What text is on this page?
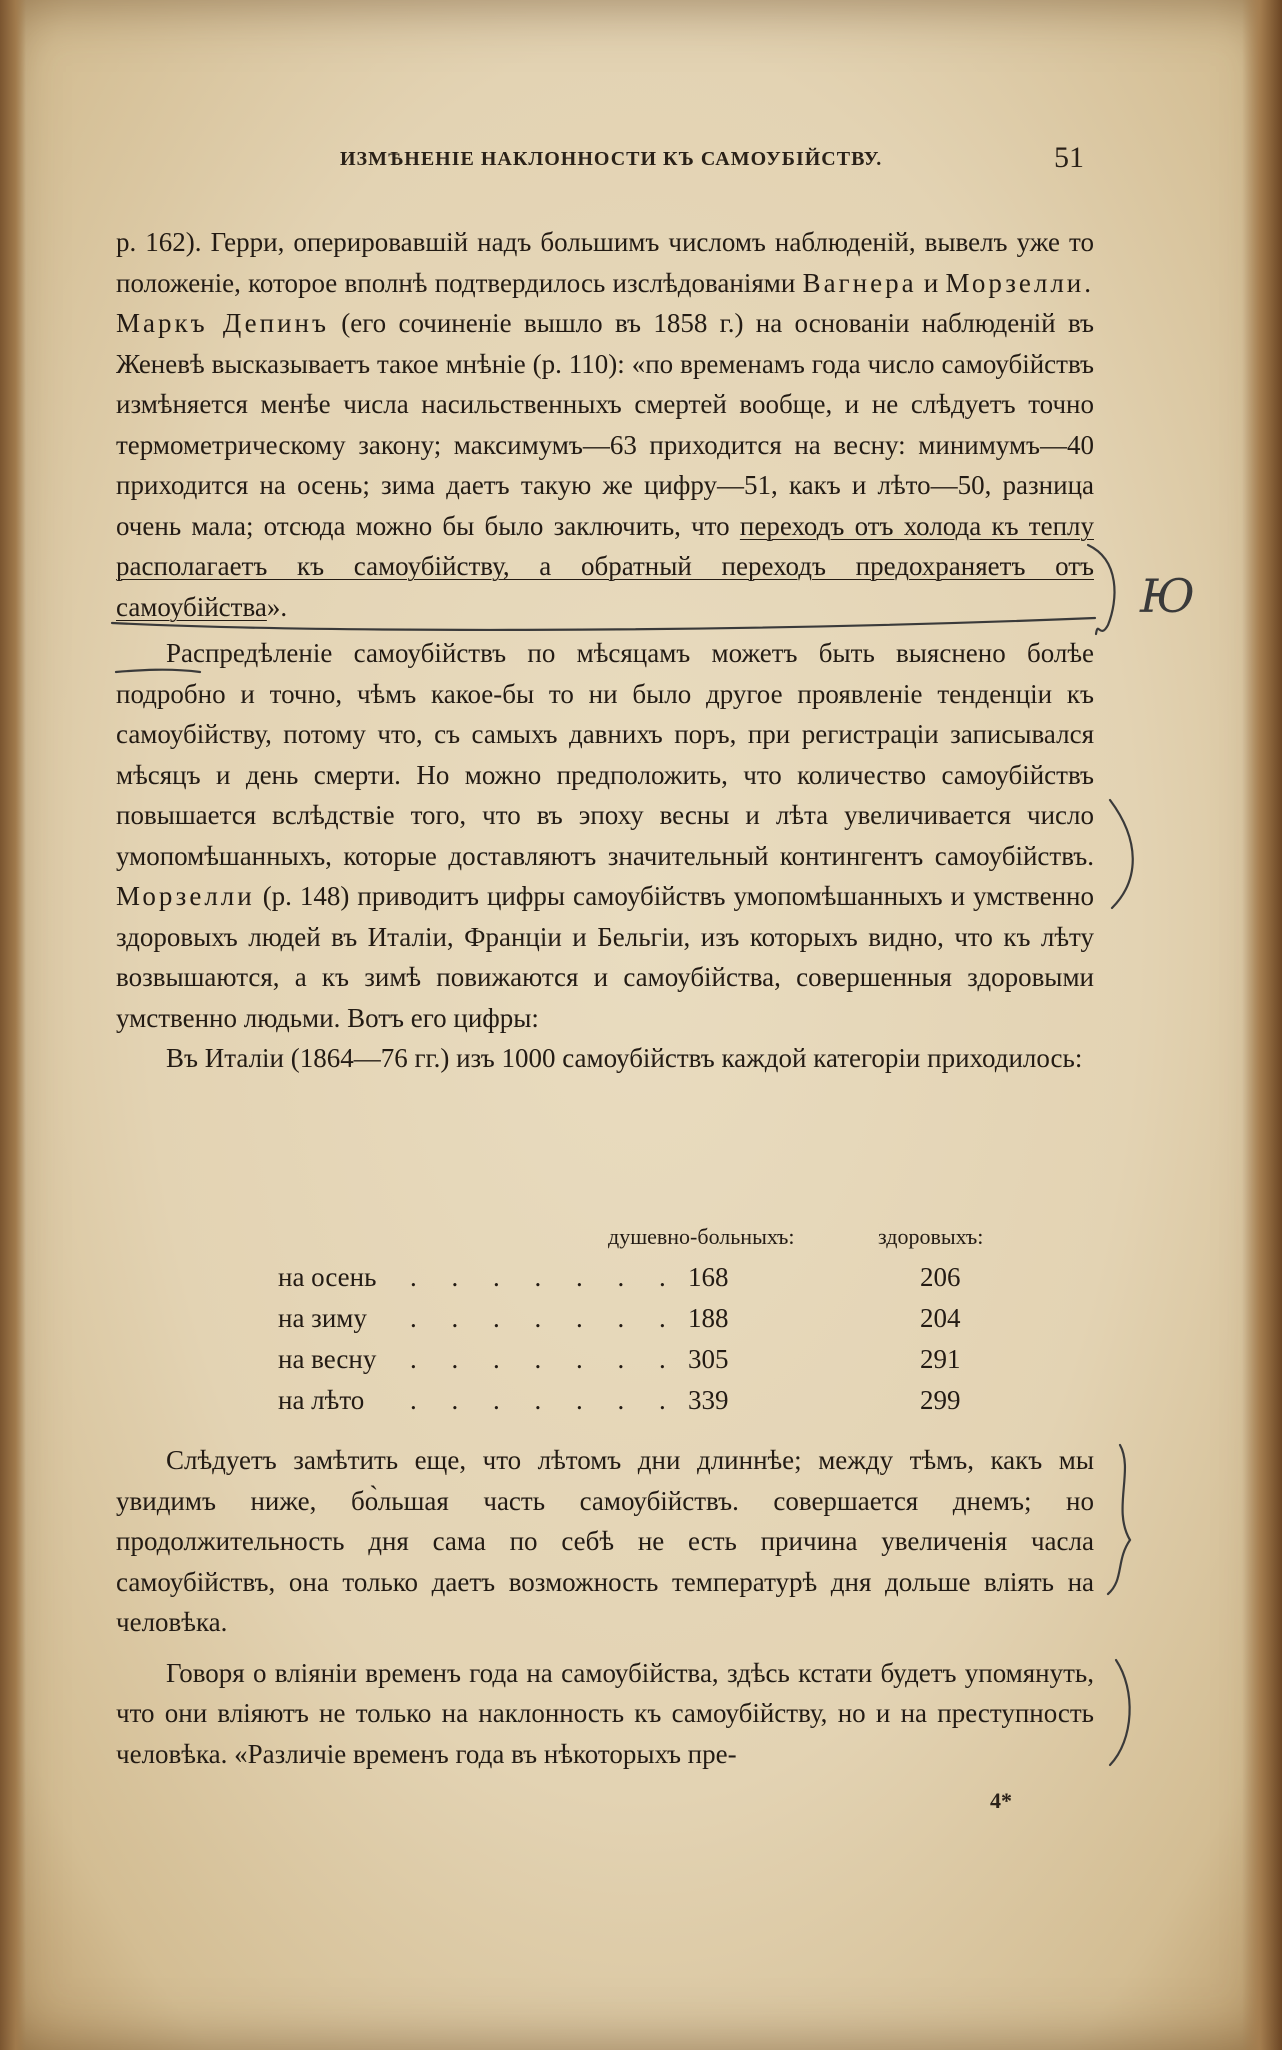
ИЗМѢНЕНІЕ НАКЛОННОСТИ КЪ САМОУБІЙСТВУ.	51

р. 162). Герри, оперировавшій надъ большимъ числомъ наблюденій, вывелъ уже то положеніе, которое вполнѣ подтвердилось изслѣдованіями Вагнера и Морзелли. Маркъ Депинъ (его сочиненіе вышло въ 1858 г.) на основаніи наблюденій въ Женевѣ высказываетъ такое мнѣніе (р. 110): «по временамъ года число самоубійствъ измѣняется менѣе числа насильственныхъ смертей вообще, и не слѣдуетъ точно термометрическому закону; максимумъ—63 приходится на весну: минимумъ—40 приходится на осень; зима даетъ такую же цифру—51, какъ и лѣто—50, разница очень мала; отсюда можно бы было заключить, что переходъ отъ холода къ теплу располагаетъ къ самоубійству, а обратный переходъ предохраняетъ отъ самоубійства».

Распредѣленіе самоубійствъ по мѣсяцамъ можетъ быть выяснено болѣе подробно и точно, чѣмъ какое-бы то ни было другое проявленіе тенденціи къ самоубійству, потому что, съ самыхъ давнихъ поръ, при регистраціи записывался мѣсяцъ и день смерти. Но можно предположить, что количество самоубійствъ повышается вслѣдствіе того, что въ эпоху весны и лѣта увеличивается число умопомѣшанныхъ, которые доставляютъ значительный контингентъ самоубійствъ. Морзелли (р. 148) приводитъ цифры самоубійствъ умопомѣшанныхъ и умственно здоровыхъ людей въ Италіи, Франціи и Бельгіи, изъ которыхъ видно, что къ лѣту возвышаются, а къ зимѣ повижаются и самоубійства, совершенныя здоровыми умственно людьми. Вотъ его цифры:

Въ Италіи (1864—76 гг.) изъ 1000 самоубійствъ каждой категоріи приходилось:

душевно-больныхъ:	здоровыхъ:
на осень	. . . . . . . 168	206
на зиму	. . . . . . . 188	204
на весну	. . . . . . . 305	291
на лѣто	. . . . . . . 339	299

Слѣдуетъ замѣтить еще, что лѣтомъ дни длиннѣе; между тѣмъ, какъ мы увидимъ ниже, бо̀льшая часть самоубійствъ. совершается днемъ; но продолжительность дня сама по себѣ не есть причина увеличенія часла самоубійствъ, она только даетъ возможность температурѣ дня дольше вліять на человѣка.

Говоря о вліяніи временъ года на самоубійства, здѣсь кстати будетъ упомянуть, что они вліяютъ не только на наклонность къ самоубійству, но и на преступность человѣка. «Различіе временъ года въ нѣкоторыхъ пре-

4*
Ю
